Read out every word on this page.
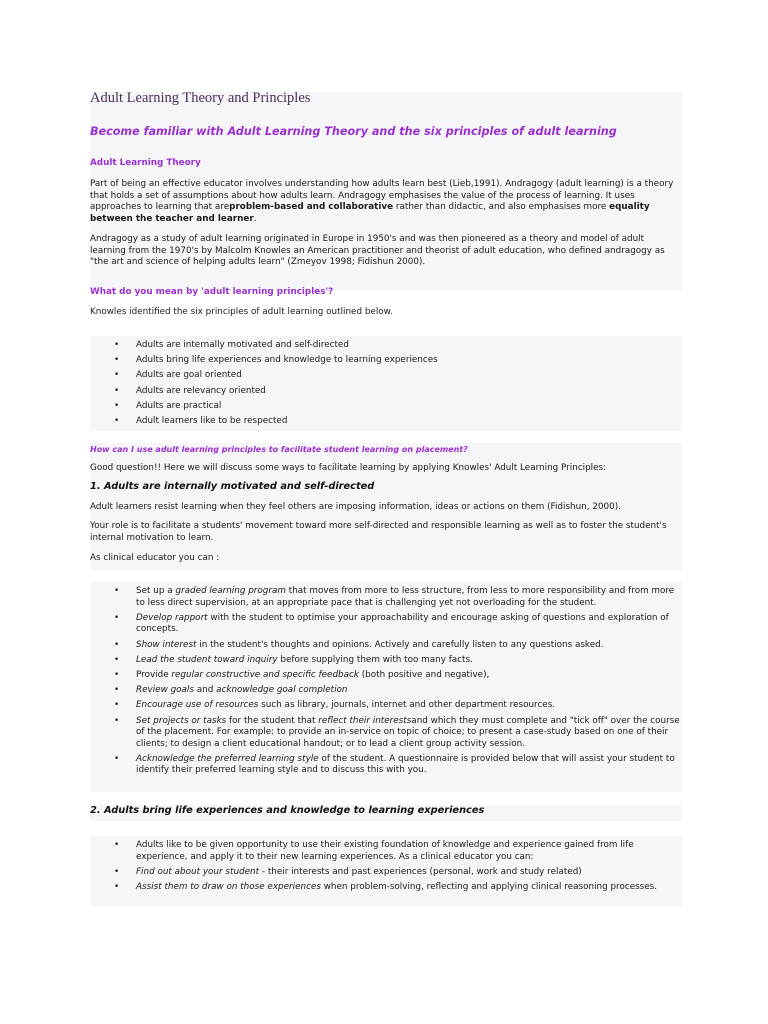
Adult Learning Theory and Principles
Become familiar with Adult Learning Theory and the six principles of adult learning
Adult Learning Theory

Part of being an effective educator involves understanding how adults learn best (Lieb,1991). Andragogy (adult learning) is a theory that holds a set of assumptions about how adults learn. Andragogy emphasises the value of the process of learning. It uses approaches to learning that areproblem-based and collaborative rather than didactic, and also emphasises more equality between the teacher and learner.

Andragogy as a study of adult learning originated in Europe in 1950's and was then pioneered as a theory and model of adult learning from the 1970's by Malcolm Knowles an American practitioner and theorist of adult education, who defined andragogy as "the art and science of helping adults learn" (Zmeyov 1998; Fidishun 2000).

What do you mean by 'adult learning principles'?

Knowles identified the six principles of adult learning outlined below.

• Adults are internally motivated and self-directed
• Adults bring life experiences and knowledge to learning experiences
• Adults are goal oriented
• Adults are relevancy oriented
• Adults are practical
• Adult learners like to be respected
How can I use adult learning principles to facilitate student learning on placement?

Good question!! Here we will discuss some ways to facilitate learning by applying Knowles' Adult Learning Principles:

1. Adults are internally motivated and self-directed

Adult learners resist learning when they feel others are imposing information, ideas or actions on them (Fidishun, 2000).

Your role is to facilitate a students' movement toward more self-directed and responsible learning as well as to foster the student's internal motivation to learn.

As clinical educator you can :

• Set up a graded learning program that moves from more to less structure, from less to more responsibility and from more to less direct supervision, at an appropriate pace that is challenging yet not overloading for the student.
• Develop rapport with the student to optimise your approachability and encourage asking of questions and exploration of concepts.
• Show interest in the student's thoughts and opinions. Actively and carefully listen to any questions asked.
• Lead the student toward inquiry before supplying them with too many facts.
• Provide regular constructive and specific feedback (both positive and negative),
• Review goals and acknowledge goal completion
• Encourage use of resources such as library, journals, internet and other department resources.
• Set projects or tasks for the student that reflect their interestsand which they must complete and "tick off" over the course of the placement. For example: to provide an in-service on topic of choice; to present a case-study based on one of their clients; to design a client educational handout; or to lead a client group activity session.
• Acknowledge the preferred learning style of the student. A questionnaire is provided below that will assist your student to identify their preferred learning style and to discuss this with you.
2. Adults bring life experiences and knowledge to learning experiences
• Adults like to be given opportunity to use their existing foundation of knowledge and experience gained from life experience, and apply it to their new learning experiences. As a clinical educator you can:
• Find out about your student - their interests and past experiences (personal, work and study related)
• Assist them to draw on those experiences when problem-solving, reflecting and applying clinical reasoning processes.
